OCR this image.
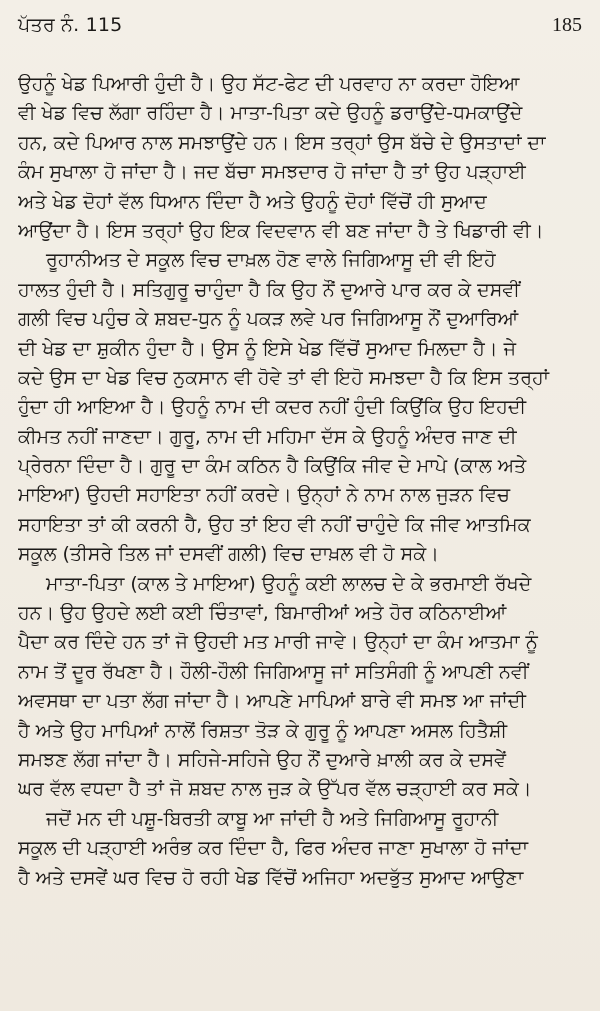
ਪੱਤਰ ਨੰ. 115	185
ਉਹਨੂੰ ਖੇਡ ਪਿਆਰੀ ਹੁੰਦੀ ਹੈ। ਉਹ ਸੱਟ-ਫੇਟ ਦੀ ਪਰਵਾਹ ਨਾ ਕਰਦਾ ਹੋਇਆ
ਵੀ ਖੇਡ ਵਿਚ ਲੱਗਾ ਰਹਿੰਦਾ ਹੈ। ਮਾਤਾ-ਪਿਤਾ ਕਦੇ ਉਹਨੂੰ ਡਰਾਉਂਦੇ-ਧਮਕਾਉਂਦੇ
ਹਨ, ਕਦੇ ਪਿਆਰ ਨਾਲ ਸਮਝਾਉਂਦੇ ਹਨ। ਇਸ ਤਰ੍ਹਾਂ ਉਸ ਬੱਚੇ ਦੇ ਉਸਤਾਦਾਂ ਦਾ
ਕੰਮ ਸੁਖਾਲਾ ਹੋ ਜਾਂਦਾ ਹੈ। ਜਦ ਬੱਚਾ ਸਮਝਦਾਰ ਹੋ ਜਾਂਦਾ ਹੈ ਤਾਂ ਉਹ ਪੜ੍ਹਾਈ
ਅਤੇ ਖੇਡ ਦੋਹਾਂ ਵੱਲ ਧਿਆਨ ਦਿੰਦਾ ਹੈ ਅਤੇ ਉਹਨੂੰ ਦੋਹਾਂ ਵਿੱਚੋਂ ਹੀ ਸੁਆਦ
ਆਉਂਦਾ ਹੈ। ਇਸ ਤਰ੍ਹਾਂ ਉਹ ਇਕ ਵਿਦਵਾਨ ਵੀ ਬਣ ਜਾਂਦਾ ਹੈ ਤੇ ਖਿਡਾਰੀ ਵੀ।
ਰੂਹਾਨੀਅਤ ਦੇ ਸਕੂਲ ਵਿਚ ਦਾਖ਼ਲ ਹੋਣ ਵਾਲੇ ਜਿਗਿਆਸੂ ਦੀ ਵੀ ਇਹੋ
ਹਾਲਤ ਹੁੰਦੀ ਹੈ। ਸਤਿਗੁਰੂ ਚਾਹੁੰਦਾ ਹੈ ਕਿ ਉਹ ਨੌਂ ਦੁਆਰੇ ਪਾਰ ਕਰ ਕੇ ਦਸਵੀਂ
ਗਲੀ ਵਿਚ ਪਹੁੰਚ ਕੇ ਸ਼ਬਦ-ਧੁਨ ਨੂੰ ਪਕੜ ਲਵੇ ਪਰ ਜਿਗਿਆਸੂ ਨੌਂ ਦੁਆਰਿਆਂ
ਦੀ ਖੇਡ ਦਾ ਸ਼ੁਕੀਨ ਹੁੰਦਾ ਹੈ। ਉਸ ਨੂੰ ਇਸੇ ਖੇਡ ਵਿੱਚੋਂ ਸੁਆਦ ਮਿਲਦਾ ਹੈ। ਜੇ
ਕਦੇ ਉਸ ਦਾ ਖੇਡ ਵਿਚ ਨੁਕਸਾਨ ਵੀ ਹੋਵੇ ਤਾਂ ਵੀ ਇਹੋ ਸਮਝਦਾ ਹੈ ਕਿ ਇਸ ਤਰ੍ਹਾਂ
ਹੁੰਦਾ ਹੀ ਆਇਆ ਹੈ। ਉਹਨੂੰ ਨਾਮ ਦੀ ਕਦਰ ਨਹੀਂ ਹੁੰਦੀ ਕਿਉਂਕਿ ਉਹ ਇਹਦੀ
ਕੀਮਤ ਨਹੀਂ ਜਾਣਦਾ। ਗੁਰੂ, ਨਾਮ ਦੀ ਮਹਿਮਾ ਦੱਸ ਕੇ ਉਹਨੂੰ ਅੰਦਰ ਜਾਣ ਦੀ
ਪ੍ਰੇਰਨਾ ਦਿੰਦਾ ਹੈ। ਗੁਰੂ ਦਾ ਕੰਮ ਕਠਿਨ ਹੈ ਕਿਉਂਕਿ ਜੀਵ ਦੇ ਮਾਪੇ (ਕਾਲ ਅਤੇ
ਮਾਇਆ) ਉਹਦੀ ਸਹਾਇਤਾ ਨਹੀਂ ਕਰਦੇ। ਉਨ੍ਹਾਂ ਨੇ ਨਾਮ ਨਾਲ ਜੁੜਨ ਵਿਚ
ਸਹਾਇਤਾ ਤਾਂ ਕੀ ਕਰਨੀ ਹੈ, ਉਹ ਤਾਂ ਇਹ ਵੀ ਨਹੀਂ ਚਾਹੁੰਦੇ ਕਿ ਜੀਵ ਆਤਮਿਕ
ਸਕੂਲ (ਤੀਸਰੇ ਤਿਲ ਜਾਂ ਦਸਵੀਂ ਗਲੀ) ਵਿਚ ਦਾਖ਼ਲ ਵੀ ਹੋ ਸਕੇ।
ਮਾਤਾ-ਪਿਤਾ (ਕਾਲ ਤੇ ਮਾਇਆ) ਉਹਨੂੰ ਕਈ ਲਾਲਚ ਦੇ ਕੇ ਭਰਮਾਈ ਰੱਖਦੇ
ਹਨ। ਉਹ ਉਹਦੇ ਲਈ ਕਈ ਚਿੰਤਾਵਾਂ, ਬਿਮਾਰੀਆਂ ਅਤੇ ਹੋਰ ਕਠਿਨਾਈਆਂ
ਪੈਦਾ ਕਰ ਦਿੰਦੇ ਹਨ ਤਾਂ ਜੋ ਉਹਦੀ ਮਤ ਮਾਰੀ ਜਾਵੇ। ਉਨ੍ਹਾਂ ਦਾ ਕੰਮ ਆਤਮਾ ਨੂੰ
ਨਾਮ ਤੋਂ ਦੂਰ ਰੱਖਣਾ ਹੈ। ਹੌਲੀ-ਹੌਲੀ ਜਿਗਿਆਸੂ ਜਾਂ ਸਤਿਸੰਗੀ ਨੂੰ ਆਪਣੀ ਨਵੀਂ
ਅਵਸਥਾ ਦਾ ਪਤਾ ਲੱਗ ਜਾਂਦਾ ਹੈ। ਆਪਣੇ ਮਾਪਿਆਂ ਬਾਰੇ ਵੀ ਸਮਝ ਆ ਜਾਂਦੀ
ਹੈ ਅਤੇ ਉਹ ਮਾਪਿਆਂ ਨਾਲੋਂ ਰਿਸ਼ਤਾ ਤੋੜ ਕੇ ਗੁਰੂ ਨੂੰ ਆਪਣਾ ਅਸਲ ਹਿਤੈਸ਼ੀ
ਸਮਝਣ ਲੱਗ ਜਾਂਦਾ ਹੈ। ਸਹਿਜੇ-ਸਹਿਜੇ ਉਹ ਨੌਂ ਦੁਆਰੇ ਖ਼ਾਲੀ ਕਰ ਕੇ ਦਸਵੇਂ
ਘਰ ਵੱਲ ਵਧਦਾ ਹੈ ਤਾਂ ਜੋ ਸ਼ਬਦ ਨਾਲ ਜੁੜ ਕੇ ਉੱਪਰ ਵੱਲ ਚੜ੍ਹਾਈ ਕਰ ਸਕੇ।
ਜਦੋਂ ਮਨ ਦੀ ਪਸ਼ੂ-ਬਿਰਤੀ ਕਾਬੂ ਆ ਜਾਂਦੀ ਹੈ ਅਤੇ ਜਿਗਿਆਸੂ ਰੂਹਾਨੀ
ਸਕੂਲ ਦੀ ਪੜ੍ਹਾਈ ਅਰੰਭ ਕਰ ਦਿੰਦਾ ਹੈ, ਫਿਰ ਅੰਦਰ ਜਾਣਾ ਸੁਖਾਲਾ ਹੋ ਜਾਂਦਾ
ਹੈ ਅਤੇ ਦਸਵੇਂ ਘਰ ਵਿਚ ਹੋ ਰਹੀ ਖੇਡ ਵਿੱਚੋਂ ਅਜਿਹਾ ਅਦਭੁੱਤ ਸੁਆਦ ਆਉਣਾ
